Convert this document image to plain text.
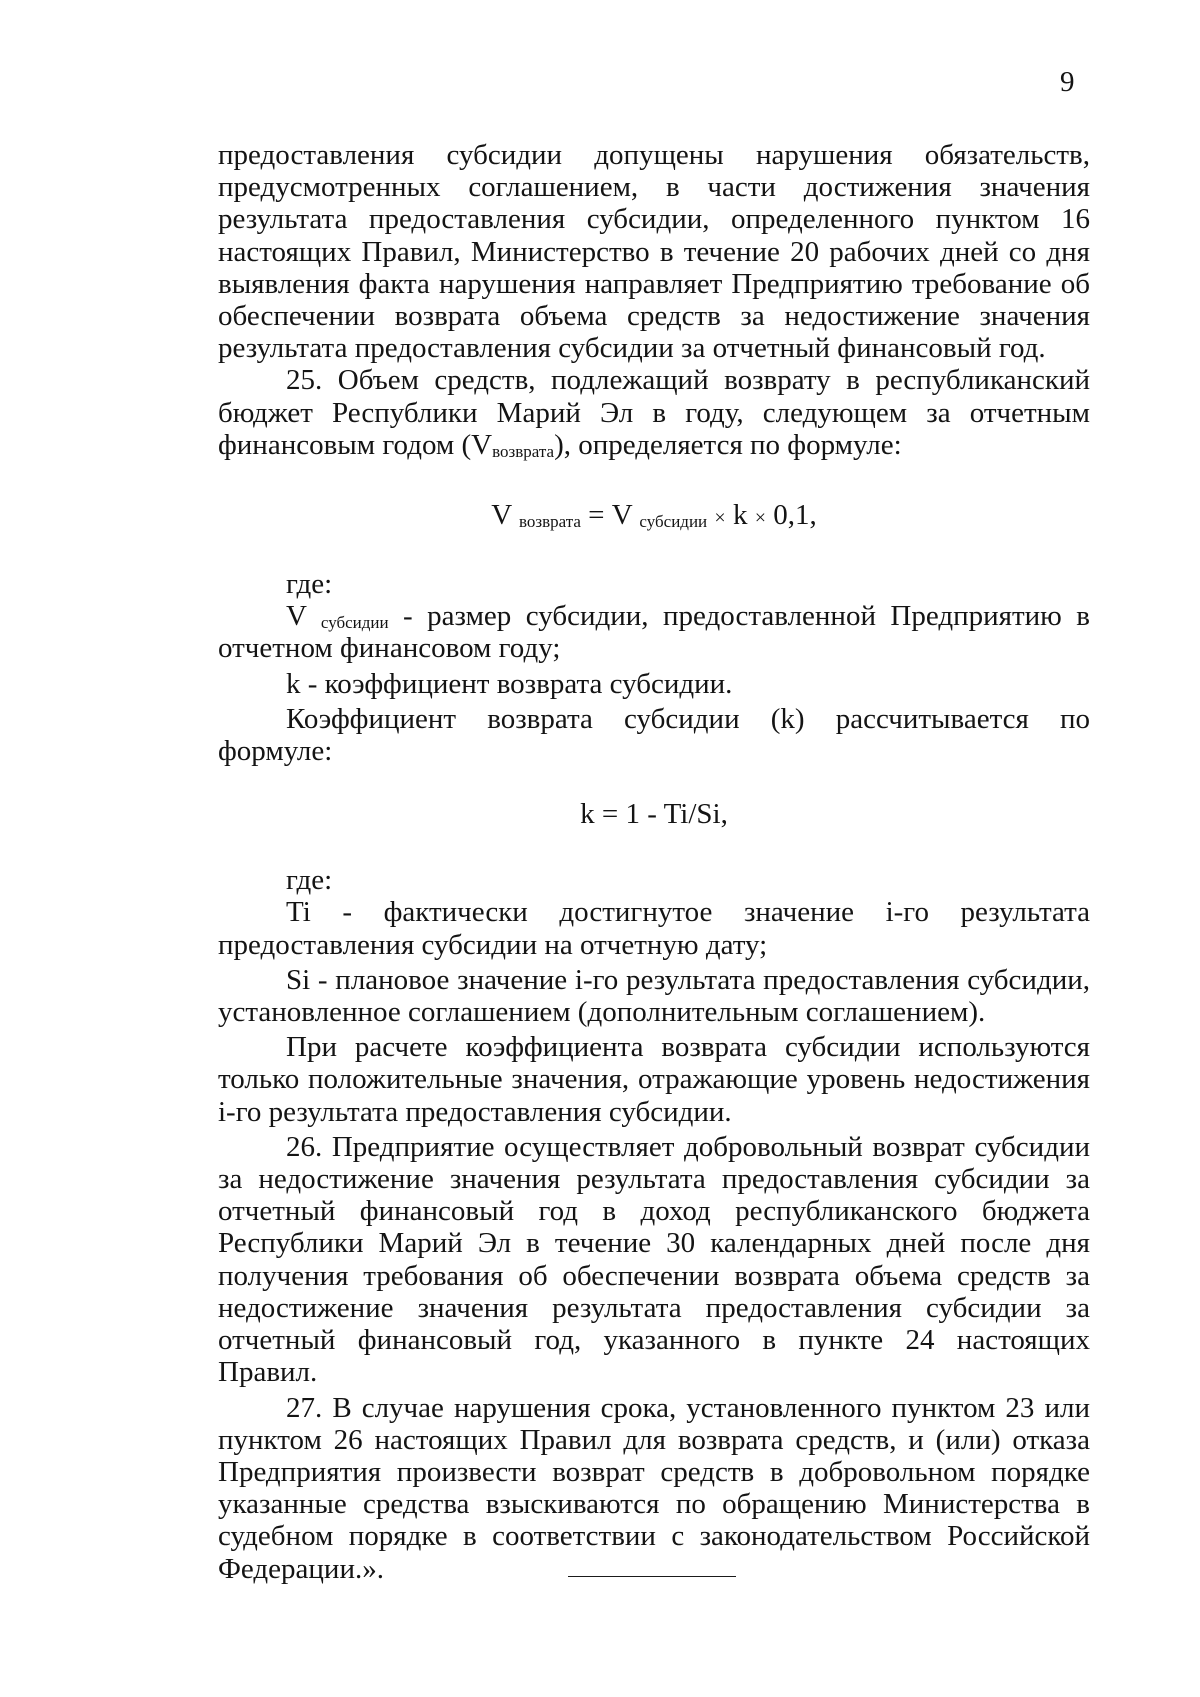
9

предоставления субсидии допущены нарушения обязательств, предусмотренных соглашением, в части достижения значения результата предоставления субсидии, определенного пунктом 16 настоящих Правил, Министерство в течение 20 рабочих дней со дня выявления факта нарушения направляет Предприятию требование об обеспечении возврата объема средств за недостижение значения результата предоставления субсидии за отчетный финансовый год.

25. Объем средств, подлежащий возврату в республиканский бюджет Республики Марий Эл в году, следующем за отчетным финансовым годом (Vвозврата), определяется по формуле:

V возврата = V субсидии × k × 0,1,

где:

V субсидии - размер субсидии, предоставленной Предприятию в отчетном финансовом году;

k - коэффициент возврата субсидии.

Коэффициент возврата субсидии (k) рассчитывается по формуле:

k = 1 - Ti/Si,

где:

Ti - фактически достигнутое значение i-го результата предоставления субсидии на отчетную дату;

Si - плановое значение i-го результата предоставления субсидии, установленное соглашением (дополнительным соглашением).

При расчете коэффициента возврата субсидии используются только положительные значения, отражающие уровень недостижения i-го результата предоставления субсидии.

26. Предприятие осуществляет добровольный возврат субсидии за недостижение значения результата предоставления субсидии за отчетный финансовый год в доход республиканского бюджета Республики Марий Эл в течение 30 календарных дней после дня получения требования об обеспечении возврата объема средств за недостижение значения результата предоставления субсидии за отчетный финансовый год, указанного в пункте 24 настоящих Правил.

27. В случае нарушения срока, установленного пунктом 23 или пунктом 26 настоящих Правил для возврата средств, и (или) отказа Предприятия произвести возврат средств в добровольном порядке указанные средства взыскиваются по обращению Министерства в судебном порядке в соответствии с законодательством Российской Федерации.».
